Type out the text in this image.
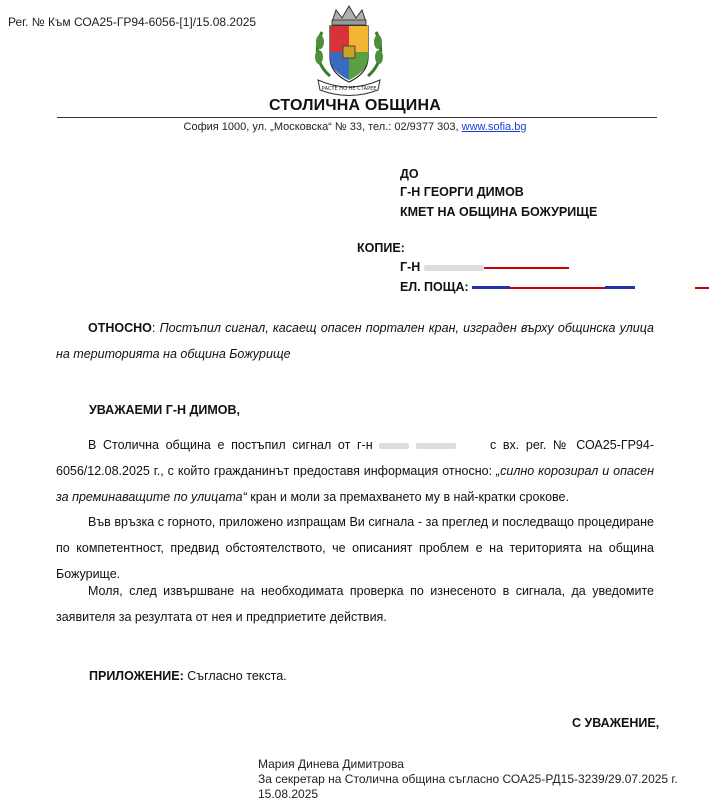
Рег. № Към СОА25-ГР94-6056-[1]/15.08.2025
РАСТЕ НО НЕ СТАРЕЕ
СТОЛИЧНА ОБЩИНА
София 1000, ул. „Московска“ № 33, тел.: 02/9377 303, www.sofia.bg
ДО
Г-Н ГЕОРГИ ДИМОВ
КМЕТ НА ОБЩИНА БОЖУРИЩЕ
КОПИЕ:
Г-Н
ЕЛ. ПОЩА:
ОТНОСНО: Постъпил сигнал, касаещ опасен портален кран, изграден върху общинска улица на територията на община Божурище
УВАЖАЕМИ Г-Н ДИМОВ,
В Столична община е постъпил сигнал от г-н	с вх. рег. № СОА25-ГР94-6056/12.08.2025 г., с който гражданинът предоставя информация относно: „силно корозирал и опасен за преминаващите по улицата“ кран и моли за премахването му в най-кратки срокове.
Във връзка с горното, приложено изпращам Ви сигнала - за преглед и последващо процедиране по компетентност, предвид обстоятелството, че описаният проблем е на територията на община Божурище.
Моля, след извършване на необходимата проверка по изнесеното в сигнала, да уведомите заявителя за резултата от нея и предприетите действия.
ПРИЛОЖЕНИЕ: Съгласно текста.
С УВАЖЕНИЕ,
Мария Динева Димитрова
За секретар на Столична община съгласно СОА25-РД15-3239/29.07.2025 г.
15.08.2025
